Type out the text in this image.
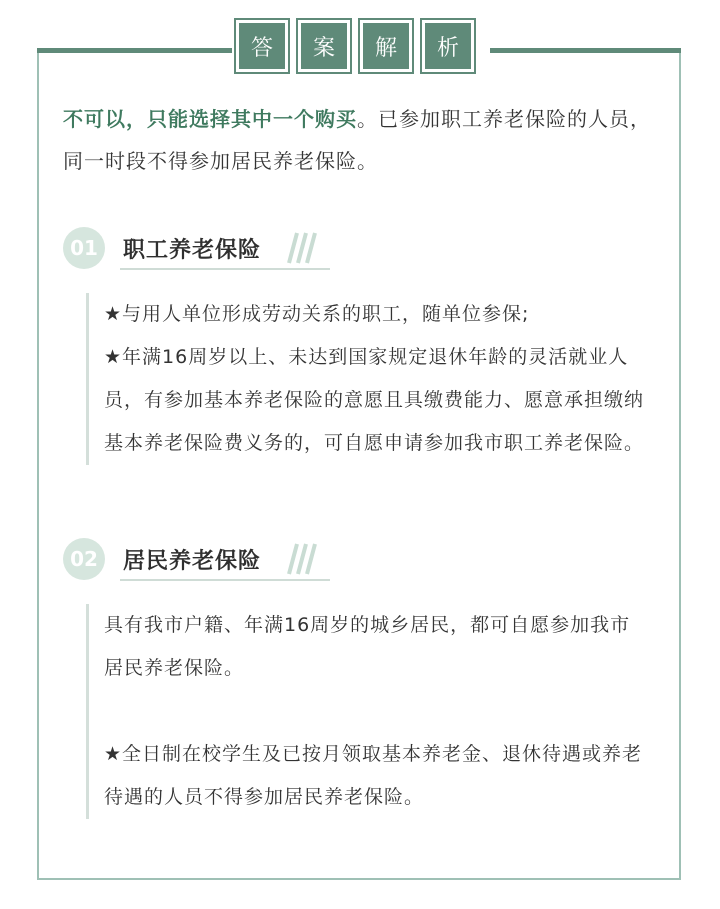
答	案	解	析
不可以，只能选择其中一个购买。已参加职工养老保险的人员，同一时段不得参加居民养老保险。
01	职工养老保险

★与用人单位形成劳动关系的职工，随单位参保;

★年满16周岁以上、未达到国家规定退休年龄的灵活就业人员，有参加基本养老保险的意愿且具缴费能力、愿意承担缴纳基本养老保险费义务的，可自愿申请参加我市职工养老保险。

02	居民养老保险

具有我市户籍、年满16周岁的城乡居民，都可自愿参加我市居民养老保险。

★全日制在校学生及已按月领取基本养老金、退休待遇或养老待遇的人员不得参加居民养老保险。
